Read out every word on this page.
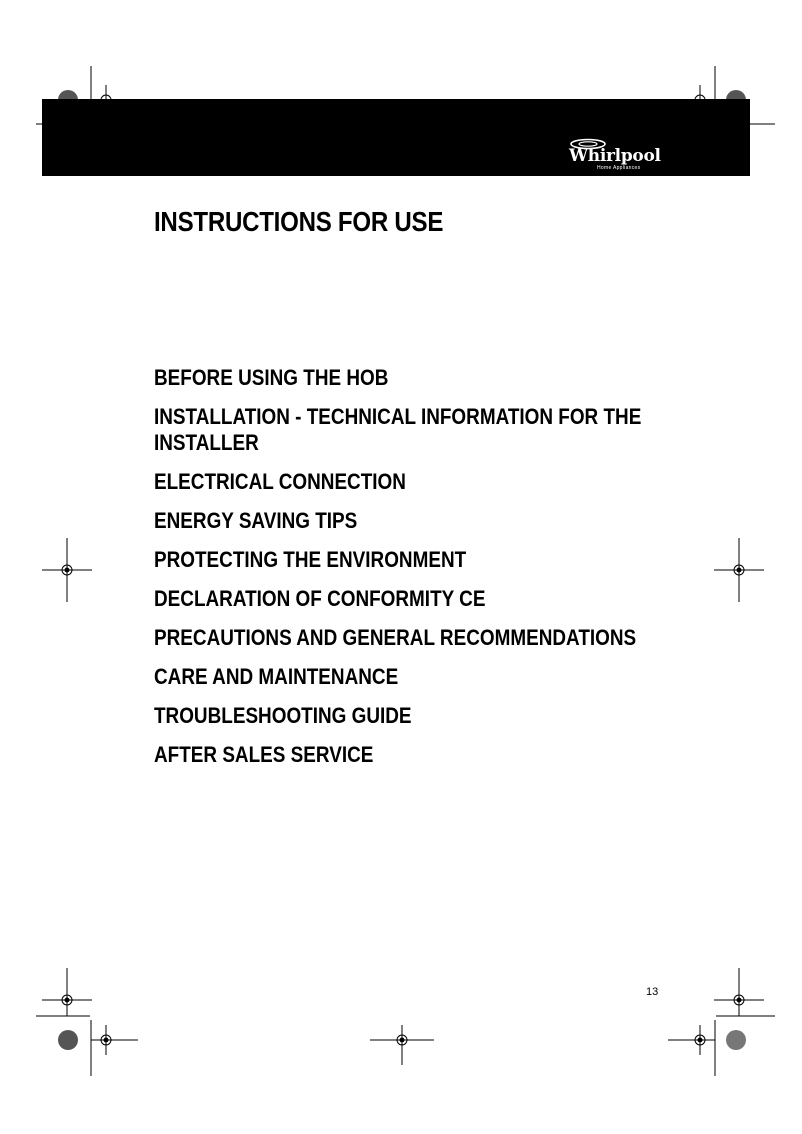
Whirlpool
Home Appliances
INSTRUCTIONS FOR USE
BEFORE USING THE HOB
INSTALLATION - TECHNICAL INFORMATION FOR THE INSTALLER
ELECTRICAL CONNECTION
ENERGY SAVING TIPS
PROTECTING THE ENVIRONMENT
DECLARATION OF CONFORMITY CE
PRECAUTIONS AND GENERAL RECOMMENDATIONS
CARE AND MAINTENANCE
TROUBLESHOOTING GUIDE
AFTER SALES SERVICE
13
